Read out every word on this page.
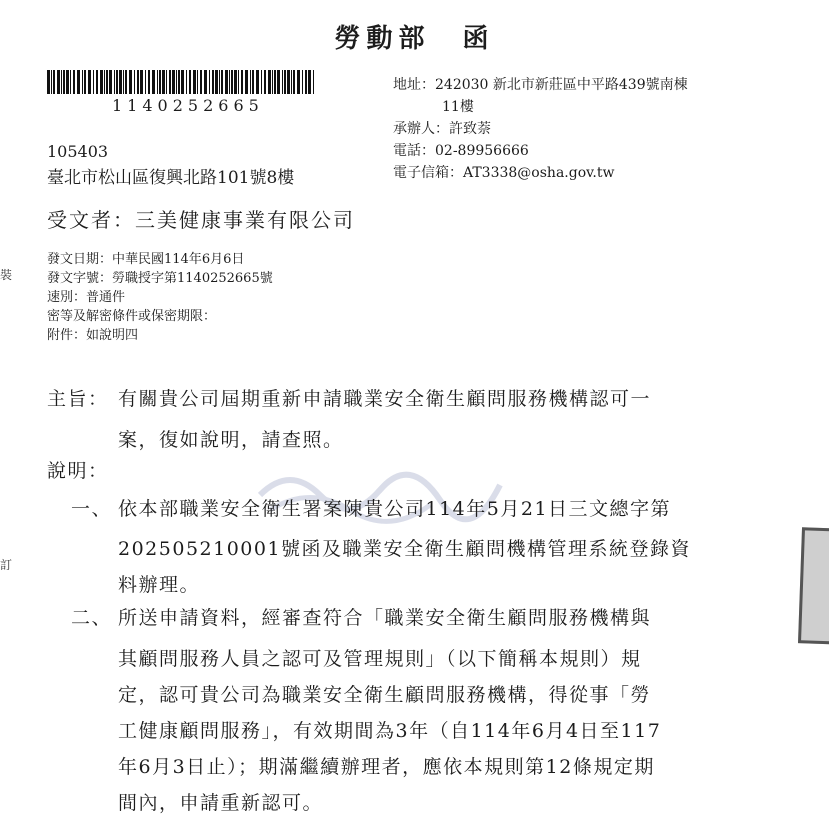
勞動部　函
1140252665
105403
臺北市松山區復興北路101號8樓
地址：242030 新北市新莊區中平路439號南棟
11樓
承辦人：許致萘
電話：02-89956666
電子信箱：AT3338@osha.gov.tw
受文者：三美健康事業有限公司
發文日期：中華民國114年6月6日
發文字號：勞職授字第1140252665號
速別：普通件
密等及解密條件或保密期限：
附件：如說明四
主旨： 有關貴公司屆期重新申請職業安全衛生顧問服務機構認可一
案，復如說明，請查照。
說明：
一、 依本部職業安全衛生署案陳貴公司114年5月21日三文總字第
202505210001號函及職業安全衛生顧問機構管理系統登錄資
料辦理。
二、 所送申請資料，經審查符合「職業安全衛生顧問服務機構與
其顧問服務人員之認可及管理規則」（以下簡稱本規則）規
定，認可貴公司為職業安全衛生顧問服務機構，得從事「勞
工健康顧問服務」，有效期間為3年（自114年6月4日至117
年6月3日止）；期滿繼續辦理者，應依本規則第12條規定期
間內，申請重新認可。
裝
訂
